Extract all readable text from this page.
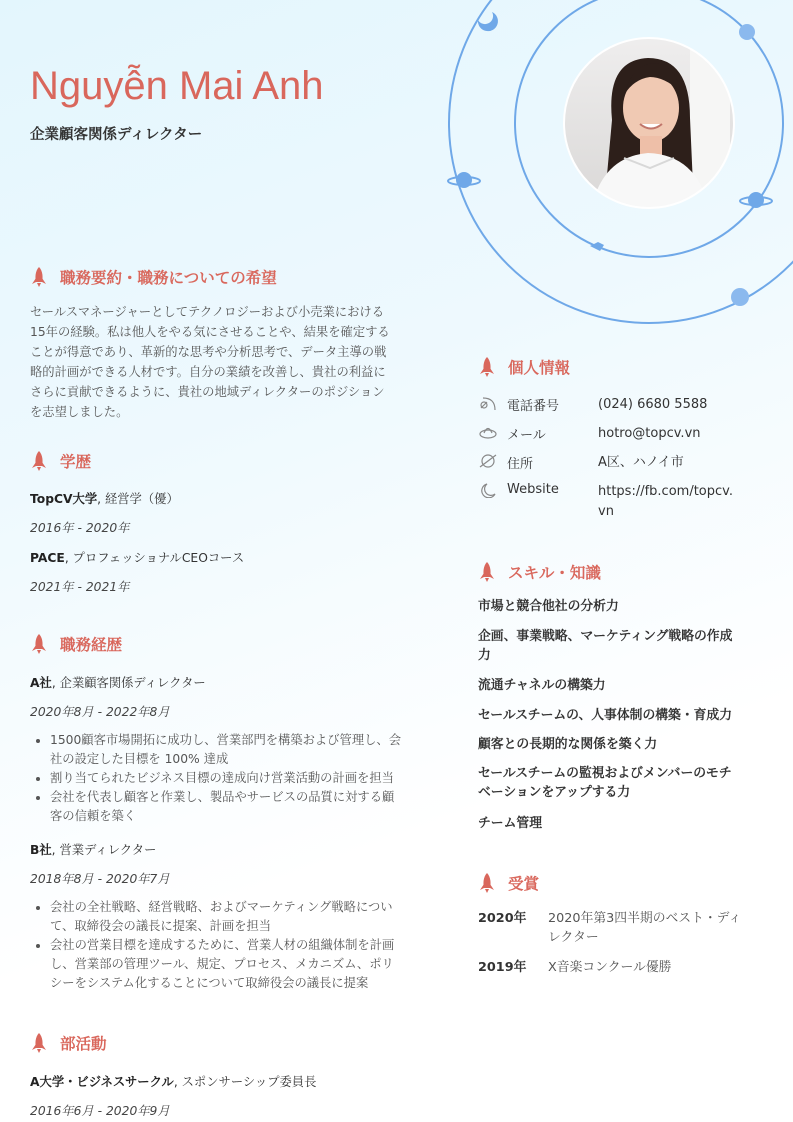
Nguyễn Mai Anh
企業顧客関係ディレクター
職務要約・職務についての希望
セールスマネージャーとしてテクノロジーおよび小売業における
15年の経験。私は他人をやる気にさせることや、結果を確定する
ことが得意であり、革新的な思考や分析思考で、データ主導の戦
略的計画ができる人材です。自分の業績を改善し、貴社の利益に
さらに貢献できるように、貴社の地域ディレクターのポジション
を志望しました。
学歴
TopCV大学, 経営学（優）
2016年 - 2020年
PACE, プロフェッショナルCEOコース
2021年 - 2021年
職務経歴
A社, 企業顧客関係ディレクター
2020年8月 - 2022年8月
• 1500顧客市場開拓に成功し、営業部門を構築および管理し、会
社の設定した目標を 100% 達成
• 割り当てられたビジネス目標の達成向け営業活動の計画を担当
• 会社を代表し顧客と作業し、製品やサービスの品質に対する顧
客の信頼を築く
B社, 営業ディレクター
2018年8月 - 2020年7月
• 会社の全社戦略、経営戦略、およびマーケティング戦略につい
て、取締役会の議長に提案、計画を担当
• 会社の営業目標を達成するために、営業人材の組織体制を計画
し、営業部の管理ツール、規定、プロセス、メカニズム、ポリ
シーをシステム化することについて取締役会の議長に提案
部活動
A大学・ビジネスサークル, スポンサーシップ委員長
2016年6月 - 2020年9月
個人情報
電話番号	(024) 6680 5588
メール	hotro@topcv.vn
住所	A区、ハノイ市
Website	https://fb.com/topcv.
vn
スキル・知識
市場と競合他社の分析力
企画、事業戦略、マーケティング戦略の作成
力
流通チャネルの構築力
セールスチームの、人事体制の構築・育成力
顧客との長期的な関係を築く力
セールスチームの監視およびメンバーのモチ
ベーションをアップする力
チーム管理
受賞
2020年	2020年第3四半期のベスト・ディ
レクター
2019年	X音楽コンクール優勝
